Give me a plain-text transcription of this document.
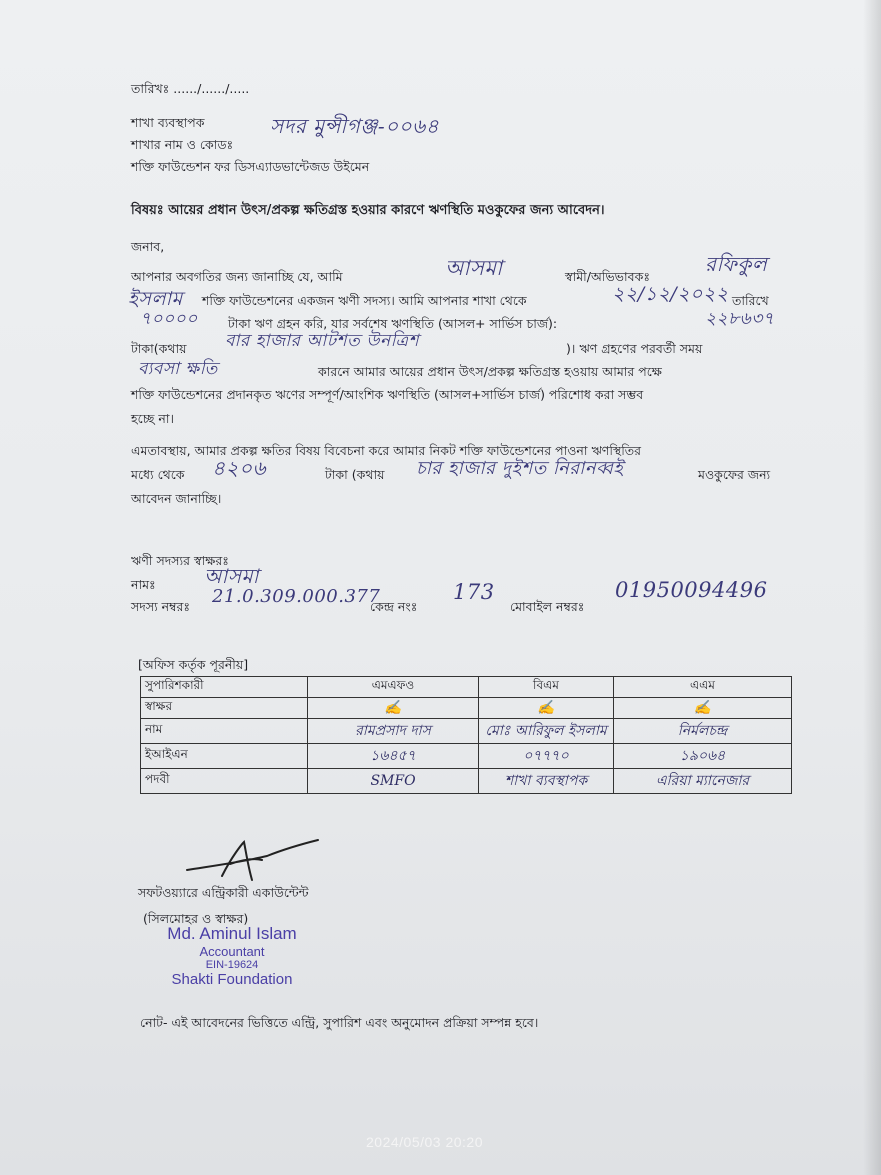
তারিখঃ ....../....../.....
শাখা ব্যবস্থাপক
শাখার নাম ও কোডঃ
সদর মুন্সীগঞ্জ-০০৬৪
শক্তি ফাউন্ডেশন ফর ডিসএ্যাডভান্টেজড উইমেন
বিষয়ঃ আয়ের প্রধান উৎস/প্রকল্প ক্ষতিগ্রস্ত হওয়ার কারণে ঋণস্থিতি মওকুফের জন্য আবেদন।
জনাব,
আপনার অবগতির জন্য জানাচ্ছি যে, আমি	আসমা	স্বামী/অভিভাবকঃ
রফিকুল
ইসলাম শক্তি ফাউন্ডেশনের একজন ঋণী সদস্য। আমি আপনার শাখা থেকে	২২/১২/২০২২ তারিখে
৭০০০০ টাকা ঋণ গ্রহন করি, যার সর্বশেষ ঋণস্থিতি (আসল+ সার্ভিস চার্জ):	২২৮৬৩৭
টাকা(কথায় বার হাজার আটশত উনত্রিশ	)। ঋণ গ্রহণের পরবর্তী সময়
ব্যবসা ক্ষতি	কারনে আমার আয়ের প্রধান উৎস/প্রকল্প ক্ষতিগ্রস্ত হওয়ায় আমার পক্ষে
শক্তি ফাউন্ডেশনের প্রদানকৃত ঋণের সম্পূর্ণ/আংশিক ঋণস্থিতি (আসল+সার্ভিস চার্জ) পরিশোধ করা সম্ভব
হচ্ছে না।
এমতাবস্থায়, আমার প্রকল্প ক্ষতির বিষয় বিবেচনা করে আমার নিকট শক্তি ফাউন্ডেশনের পাওনা ঋণস্থিতির
মধ্যে থেকে ৪২০৬	টাকা (কথায় চার হাজার দুইশত নিরানব্বই	মওকুফের জন্য
আবেদন জানাচ্ছি।
ঋণী সদস্যর স্বাক্ষরঃ
নামঃ আসমা
সদস্য নম্বরঃ 21.0.309.000.377
কেন্দ্র নংঃ
173
মোবাইল নম্বরঃ
01950094496
[অফিস কর্তৃক পূরনীয়]
সুপারিশকারী	এমএফও	বিএম	এএম
স্বাক্ষর	✍	✍	✍
নাম	রামপ্রসাদ দাস	মোঃ আরিফুল ইসলাম	নির্মলচন্দ্র
ইআইএন	১৬৪৫৭	০৭৭৭০	১৯০৬৪
পদবী	SMFO	শাখা ব্যবস্থাপক	এরিয়া ম্যানেজার
সফটওয়্যারে এন্ট্রিকারী একাউন্টেন্ট
(সিলমোহর ও স্বাক্ষর)
Md. Aminul Islam
Accountant
EIN-19624
Shakti Foundation
নোট- এই আবেদনের ভিত্তিতে এন্ট্রি, সুপারিশ এবং অনুমোদন প্রক্রিয়া সম্পন্ন হবে।
2024/05/03 20:20
